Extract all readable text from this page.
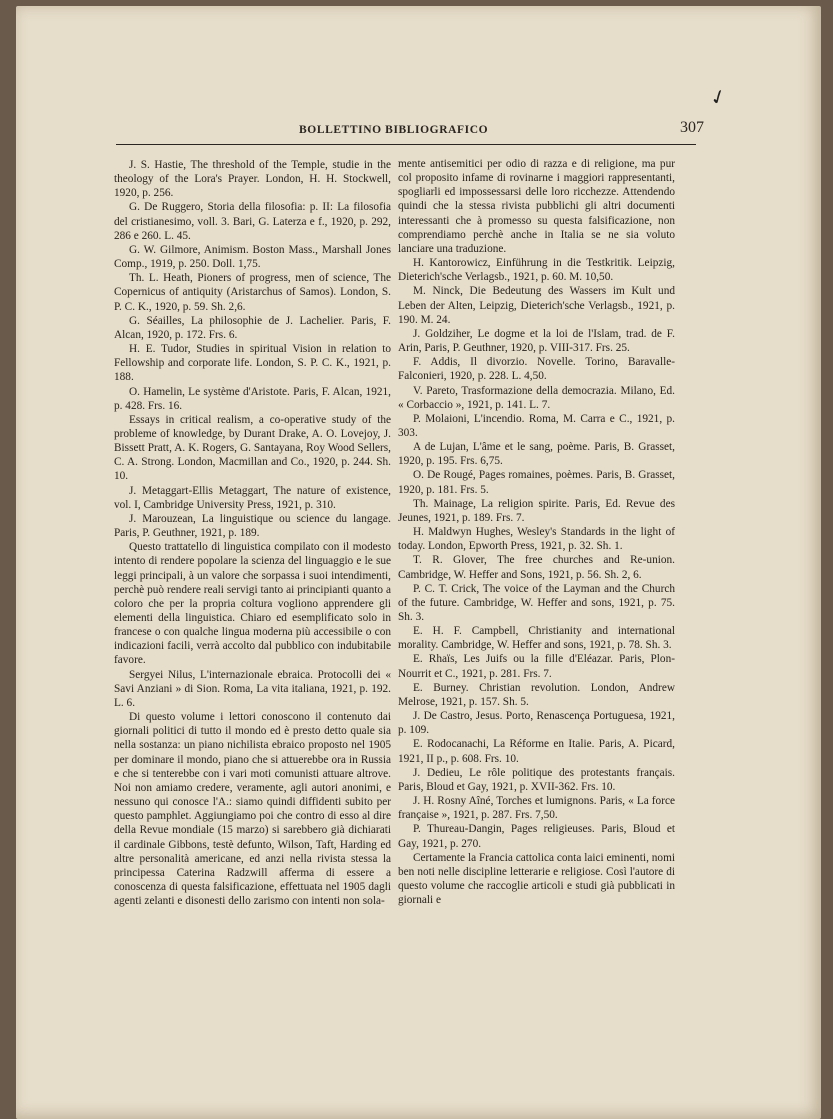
✓
BOLLETTINO BIBLIOGRAFICO	307

J. S. Hastie, The threshold of the Temple, studie in the theology of the Lora's Prayer. London, H. H. Stockwell, 1920, p. 256.

G. De Ruggero, Storia della filosofia: p. II: La filosofia del cristianesimo, voll. 3. Bari, G. Laterza e f., 1920, p. 292, 286 e 260. L. 45.

G. W. Gilmore, Animism. Boston Mass., Marshall Jones Comp., 1919, p. 250. Doll. 1,75.

Th. L. Heath, Pioners of progress, men of science, The Copernicus of antiquity (Aristarchus of Samos). London, S. P. C. K., 1920, p. 59. Sh. 2,6.

G. Séailles, La philosophie de J. Lachelier. Paris, F. Alcan, 1920, p. 172. Frs. 6.

H. E. Tudor, Studies in spiritual Vision in relation to Fellowship and corporate life. London, S. P. C. K., 1921, p. 188.

O. Hamelin, Le système d'Aristote. Paris, F. Alcan, 1921, p. 428. Frs. 16.

Essays in critical realism, a co-operative study of the probleme of knowledge, by Durant Drake, A. O. Lovejoy, J. Bissett Pratt, A. K. Rogers, G. Santayana, Roy Wood Sellers, C. A. Strong. London, Macmillan and Co., 1920, p. 244. Sh. 10.

J. Metaggart-Ellis Metaggart, The nature of existence, vol. I, Cambridge University Press, 1921, p. 310.

J. Marouzean, La linguistique ou science du langage. Paris, P. Geuthner, 1921, p. 189.

Questo trattatello di linguistica compilato con il modesto intento di rendere popolare la scienza del linguaggio e le sue leggi principali, à un valore che sorpassa i suoi intendimenti, perchè può rendere reali servigi tanto ai principianti quanto a coloro che per la propria coltura vogliono apprendere gli elementi della linguistica. Chiaro ed esemplificato solo in francese o con qualche lingua moderna più accessibile o con indicazioni facili, verrà accolto dal pubblico con indubitabile favore.

Sergyei Nilus, L'internazionale ebraica. Protocolli dei « Savi Anziani » di Sion. Roma, La vita italiana, 1921, p. 192. L. 6.

Di questo volume i lettori conoscono il contenuto dai giornali politici di tutto il mondo ed è presto detto quale sia nella sostanza: un piano nichilista ebraico proposto nel 1905 per dominare il mondo, piano che si attuerebbe ora in Russia e che si tenterebbe con i vari moti comunisti attuare altrove. Noi non amiamo credere, veramente, agli autori anonimi, e nessuno qui conosce l'A.: siamo quindi diffidenti subito per questo pamphlet. Aggiungiamo poi che contro di esso al dire della Revue mondiale (15 marzo) si sarebbero già dichiarati il cardinale Gibbons, testè defunto, Wilson, Taft, Harding ed altre personalità americane, ed anzi nella rivista stessa la principessa Caterina Radzwill afferma di essere a conoscenza di questa falsificazione, effettuata nel 1905 dagli agenti zelanti e disonesti dello zarismo con intenti non sola-

mente antisemitici per odio di razza e di religione, ma pur col proposito infame di rovinarne i maggiori rappresentanti, spogliarli ed impossessarsi delle loro ricchezze. Attendendo quindi che la stessa rivista pubblichi gli altri documenti interessanti che à promesso su questa falsificazione, non comprendiamo perchè anche in Italia se ne sia voluto lanciare una traduzione.

H. Kantorowicz, Einführung in die Testkritik. Leipzig, Dieterich'sche Verlagsb., 1921, p. 60. M. 10,50.

M. Ninck, Die Bedeutung des Wassers im Kult und Leben der Alten, Leipzig, Dieterich'sche Verlagsb., 1921, p. 190. M. 24.

J. Goldziher, Le dogme et la loi de l'Islam, trad. de F. Arin, Paris, P. Geuthner, 1920, p. VIII-317. Frs. 25.

F. Addis, Il divorzio. Novelle. Torino, Baravalle-Falconieri, 1920, p. 228. L. 4,50.

V. Pareto, Trasformazione della democrazia. Milano, Ed. « Corbaccio », 1921, p. 141. L. 7.

P. Molaioni, L'incendio. Roma, M. Carra e C., 1921, p. 303.

A de Lujan, L'âme et le sang, poème. Paris, B. Grasset, 1920, p. 195. Frs. 6,75.

O. De Rougé, Pages romaines, poèmes. Paris, B. Grasset, 1920, p. 181. Frs. 5.

Th. Mainage, La religion spirite. Paris, Ed. Revue des Jeunes, 1921, p. 189. Frs. 7.

H. Maldwyn Hughes, Wesley's Standards in the light of today. London, Epworth Press, 1921, p. 32. Sh. 1.

T. R. Glover, The free churches and Re-union. Cambridge, W. Heffer and Sons, 1921, p. 56. Sh. 2, 6.

P. C. T. Crick, The voice of the Layman and the Church of the future. Cambridge, W. Heffer and sons, 1921, p. 75. Sh. 3.

E. H. F. Campbell, Christianity and international morality. Cambridge, W. Heffer and sons, 1921, p. 78. Sh. 3.

E. Rhaïs, Les Juifs ou la fille d'Eléazar. Paris, Plon-Nourrit et C., 1921, p. 281. Frs. 7.

E. Burney. Christian revolution. London, Andrew Melrose, 1921, p. 157. Sh. 5.

J. De Castro, Jesus. Porto, Renascença Portuguesa, 1921, p. 109.

E. Rodocanachi, La Réforme en Italie. Paris, A. Picard, 1921, II p., p. 608. Frs. 10.

J. Dedieu, Le rôle politique des protestants français. Paris, Bloud et Gay, 1921, p. XVII-362. Frs. 10.

J. H. Rosny Aîné, Torches et lumignons. Paris, « La force française », 1921, p. 287. Frs. 7,50.

P. Thureau-Dangin, Pages religieuses. Paris, Bloud et Gay, 1921, p. 270.

Certamente la Francia cattolica conta laici eminenti, nomi ben noti nelle discipline letterarie e religiose. Così l'autore di questo volume che raccoglie articoli e studi già pubblicati in giornali e
